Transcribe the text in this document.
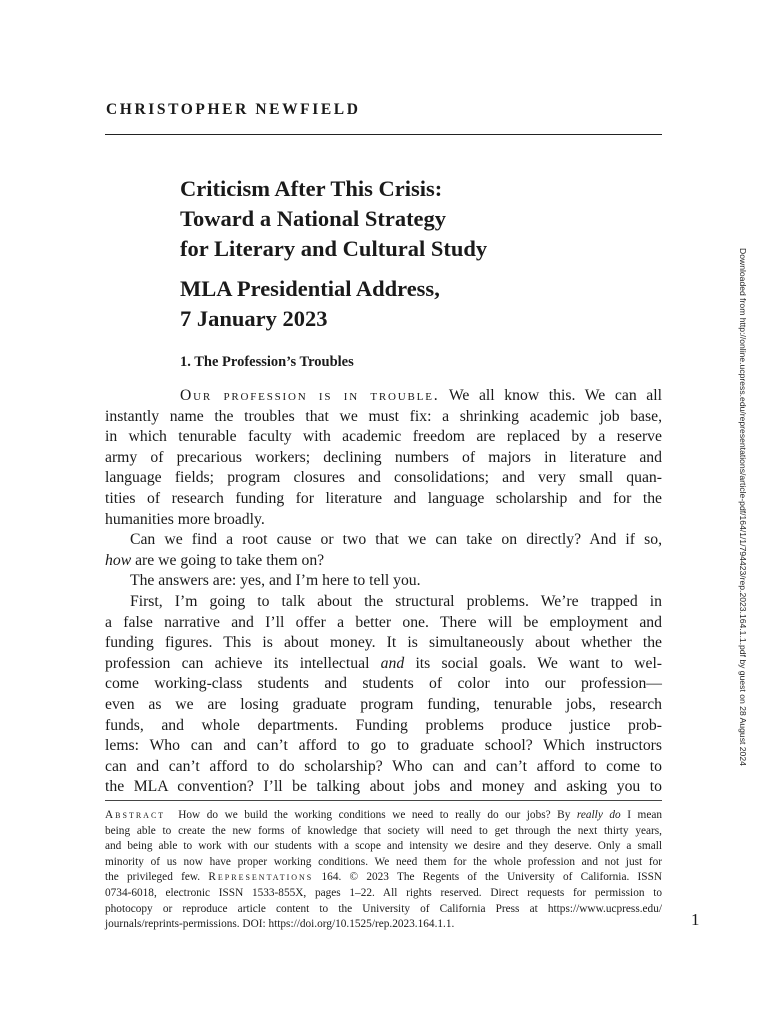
CHRISTOPHER NEWFIELD
Criticism After This Crisis:
Toward a National Strategy
for Literary and Cultural Study
MLA Presidential Address,
7 January 2023
1. The Profession’s Troubles
Our profession is in trouble. We all know this. We can all
instantly name the troubles that we must fix: a shrinking academic job base,
in which tenurable faculty with academic freedom are replaced by a reserve
army of precarious workers; declining numbers of majors in literature and
language fields; program closures and consolidations; and very small quan-
tities of research funding for literature and language scholarship and for the
humanities more broadly.
Can we find a root cause or two that we can take on directly? And if so,
how are we going to take them on?
The answers are: yes, and I’m here to tell you.
First, I’m going to talk about the structural problems. We’re trapped in
a false narrative and I’ll offer a better one. There will be employment and
funding figures. This is about money. It is simultaneously about whether the
profession can achieve its intellectual and its social goals. We want to wel-
come working-class students and students of color into our profession—
even as we are losing graduate program funding, tenurable jobs, research
funds, and whole departments. Funding problems produce justice prob-
lems: Who can and can’t afford to go to graduate school? Which instructors
can and can’t afford to do scholarship? Who can and can’t afford to come to
the MLA convention? I’ll be talking about jobs and money and asking you to
Abstract How do we build the working conditions we need to really do our jobs? By really do I mean
being able to create the new forms of knowledge that society will need to get through the next thirty years,
and being able to work with our students with a scope and intensity we desire and they deserve. Only a small
minority of us now have proper working conditions. We need them for the whole profession and not just for
the privileged few. Representations 164. © 2023 The Regents of the University of California. ISSN
0734-6018, electronic ISSN 1533-855X, pages 1–22. All rights reserved. Direct requests for permission to
photocopy or reproduce article content to the University of California Press at https://www.ucpress.edu/
journals/reprints-permissions. DOI: https://doi.org/10.1525/rep.2023.164.1.1.	1
Downloaded from http://online.ucpress.edu/representations/article-pdf/164/1/1/794423/rep.2023.164.1.1.pdf by guest on 28 August 2024
